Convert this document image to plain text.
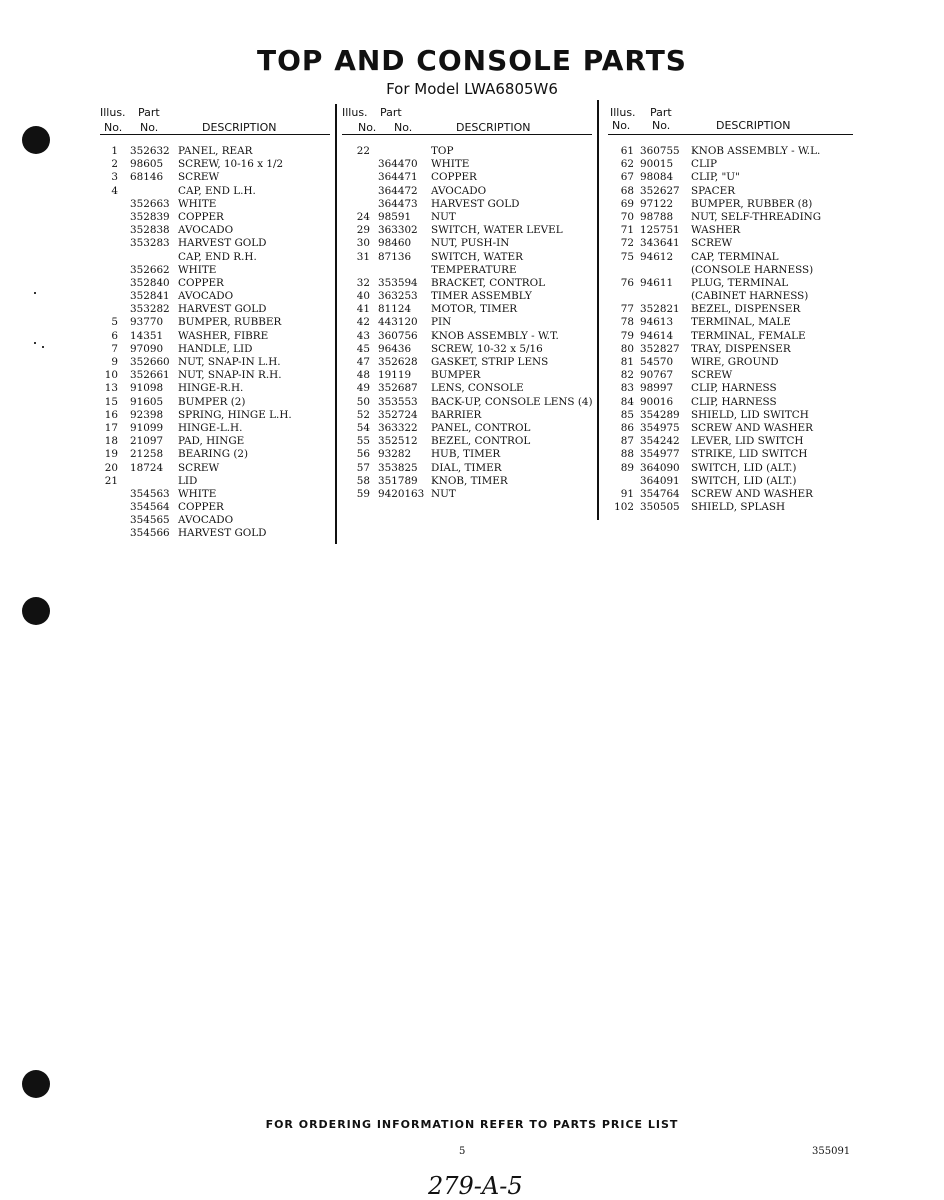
TOP AND CONSOLE PARTS
For Model LWA6805W6
Illus. Part
No. No.	DESCRIPTION
1 352632 PANEL, REAR
2 98605 SCREW, 10-16 x 1/2
3 68146 SCREW
4	CAP, END L.H.
352663 WHITE
352839 COPPER
352838 AVOCADO
353283 HARVEST GOLD
CAP, END R.H.
352662 WHITE
352840 COPPER
352841 AVOCADO
353282 HARVEST GOLD
5 93770 BUMPER, RUBBER
6 14351 WASHER, FIBRE
7 97090 HANDLE, LID
9 352660 NUT, SNAP-IN L.H.
10 352661 NUT, SNAP-IN R.H.
13 91098 HINGE-R.H.
15 91605 BUMPER (2)
16 92398 SPRING, HINGE L.H.
17 91099 HINGE-L.H.
18 21097 PAD, HINGE
19 21258 BEARING (2)
20 18724 SCREW
21	LID
354563 WHITE
354564 COPPER
354565 AVOCADO
354566 HARVEST GOLD
Illus. Part
No. No.	DESCRIPTION
22	TOP
364470 WHITE
364471 COPPER
364472 AVOCADO
364473 HARVEST GOLD
24 98591 NUT
29 363302 SWITCH, WATER LEVEL
30 98460 NUT, PUSH-IN
31 87136 SWITCH, WATER
TEMPERATURE
32 353594 BRACKET, CONTROL
40 363253 TIMER ASSEMBLY
41 81124 MOTOR, TIMER
42 443120 PIN
43 360756 KNOB ASSEMBLY - W.T.
45 96436 SCREW, 10-32 x 5/16
47 352628 GASKET, STRIP LENS
48 19119 BUMPER
49 352687 LENS, CONSOLE
50 353553 BACK-UP, CONSOLE LENS (4)
52 352724 BARRIER
54 363322 PANEL, CONTROL
55 352512 BEZEL, CONTROL
56 93282 HUB, TIMER
57 353825 DIAL, TIMER
58 351789 KNOB, TIMER
59 9420163 NUT
Illus. Part
No. No.	DESCRIPTION
61 360755 KNOB ASSEMBLY - W.L.
62 90015 CLIP
67 98084 CLIP, "U"
68 352627 SPACER
69 97122 BUMPER, RUBBER (8)
70 98788 NUT, SELF-THREADING
71 125751 WASHER
72 343641 SCREW
75 94612 CAP, TERMINAL
(CONSOLE HARNESS)
76 94611 PLUG, TERMINAL
(CABINET HARNESS)
77 352821 BEZEL, DISPENSER
78 94613 TERMINAL, MALE
79 94614 TERMINAL, FEMALE
80 352827 TRAY, DISPENSER
81 54570 WIRE, GROUND
82 90767 SCREW
83 98997 CLIP, HARNESS
84 90016 CLIP, HARNESS
85 354289 SHIELD, LID SWITCH
86 354975 SCREW AND WASHER
87 354242 LEVER, LID SWITCH
88 354977 STRIKE, LID SWITCH
89 364090 SWITCH, LID (ALT.)
364091 SWITCH, LID (ALT.)
91 354764 SCREW AND WASHER
102 350505 SHIELD, SPLASH
FOR ORDERING INFORMATION REFER TO PARTS PRICE LIST
5	355091
279-A-5
